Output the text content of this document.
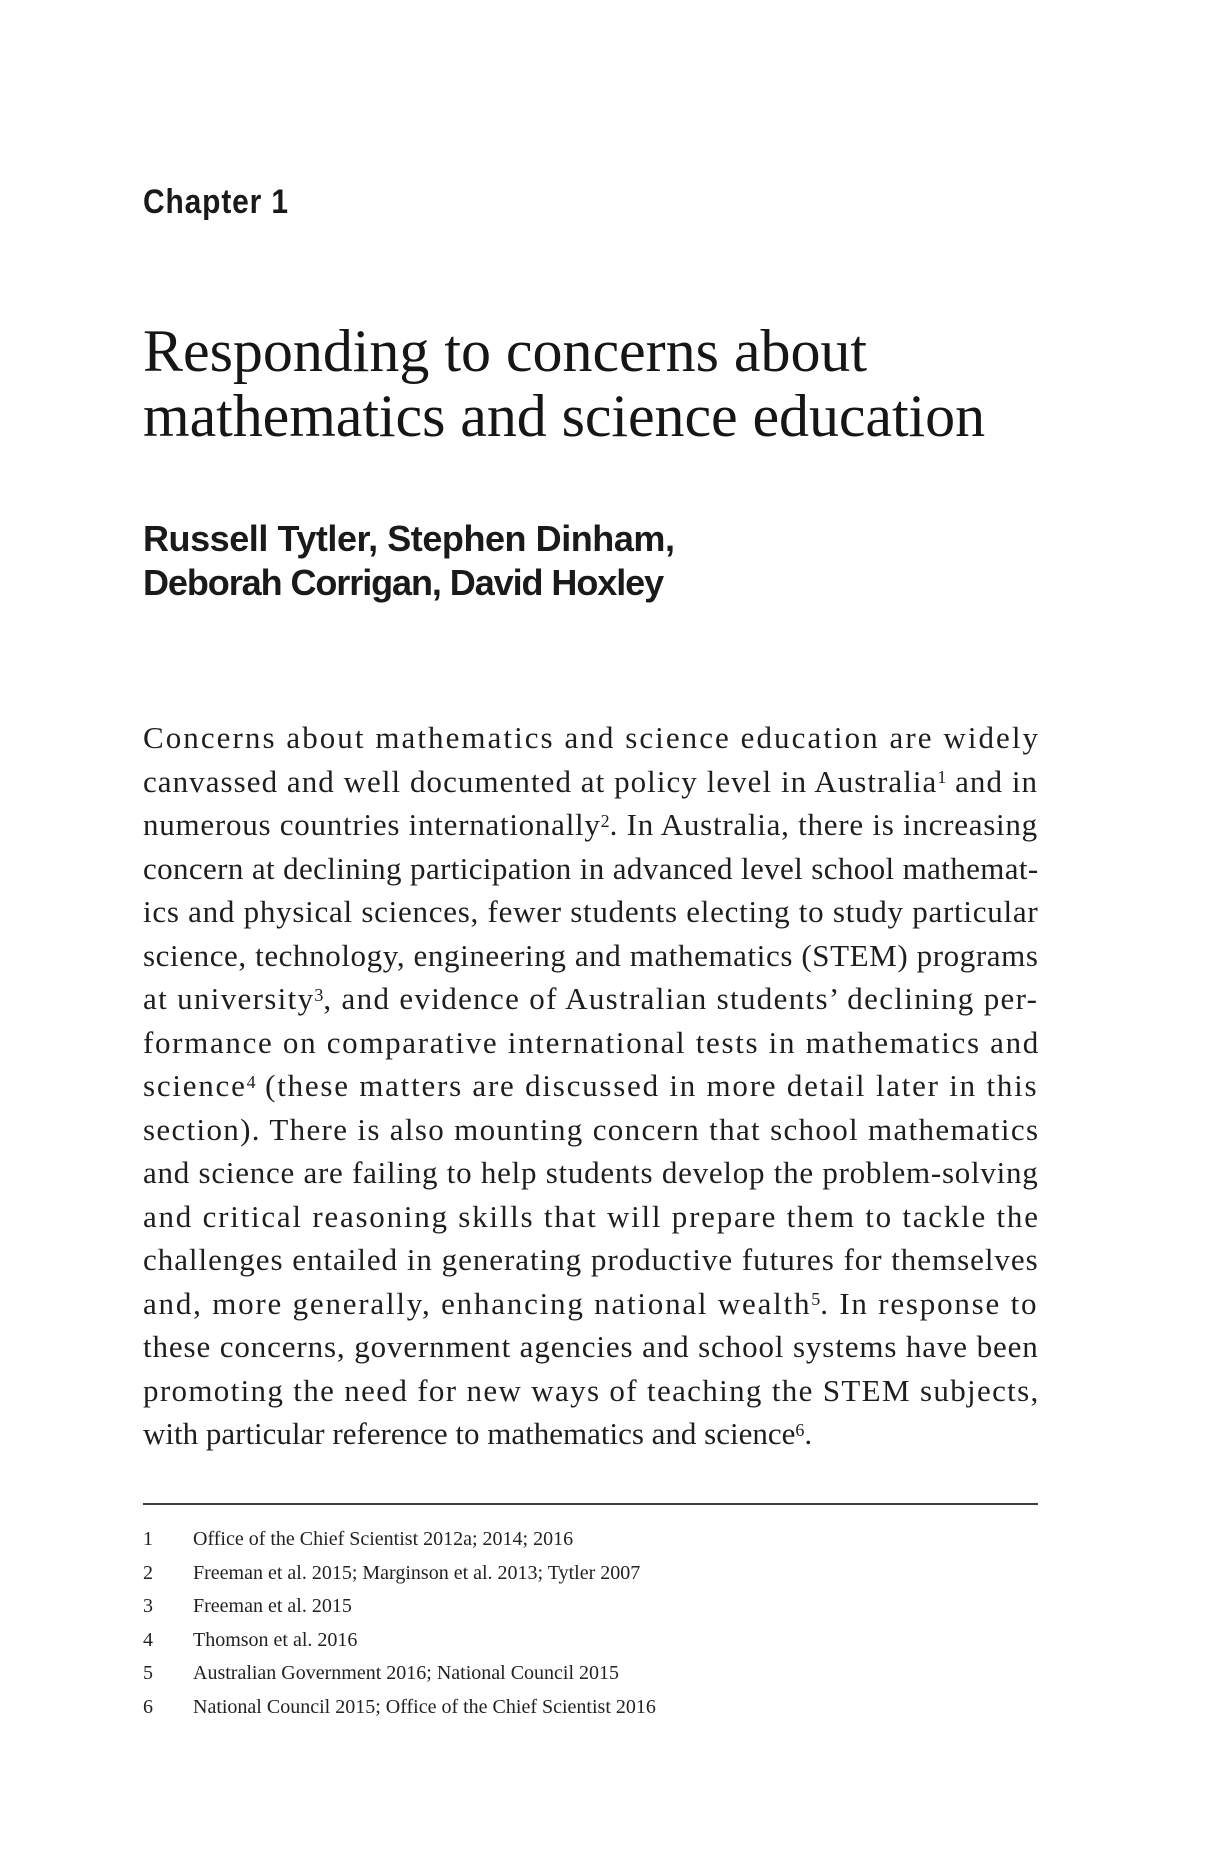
Chapter 1
Responding to concerns about
mathematics and science education
Russell Tytler, Stephen Dinham,
Deborah Corrigan, David Hoxley
Concerns about mathematics and science education are widely
canvassed and well documented at policy level in Australia$^1$ and in
numerous countries internationally$^2$. In Australia, there is increasing
concern at declining participation in advanced level school mathemat-
ics and physical sciences, fewer students electing to study particular
science, technology, engineering and mathematics (STEM) programs
at university$^3$, and evidence of Australian students’ declining per-
formance on comparative international tests in mathematics and
science$^4$ (these matters are discussed in more detail later in this
section). There is also mounting concern that school mathematics
and science are failing to help students develop the problem-solving
and critical reasoning skills that will prepare them to tackle the
challenges entailed in generating productive futures for themselves
and, more generally, enhancing national wealth$^5$. In response to
these concerns, government agencies and school systems have been
promoting the need for new ways of teaching the STEM subjects,
with particular reference to mathematics and science$^6$.
1 Office of the Chief Scientist 2012a; 2014; 2016
2 Freeman et al. 2015; Marginson et al. 2013; Tytler 2007
3 Freeman et al. 2015
4 Thomson et al. 2016
5 Australian Government 2016; National Council 2015
6 National Council 2015; Office of the Chief Scientist 2016
